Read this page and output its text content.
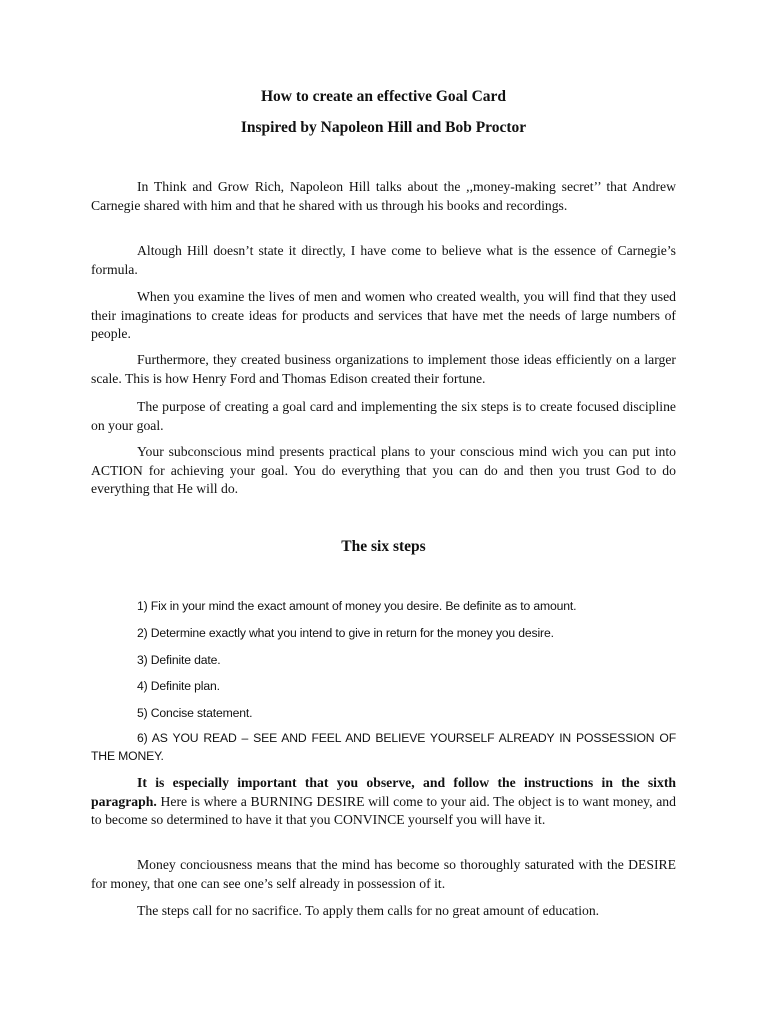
How to create an effective Goal Card
Inspired by Napoleon Hill and Bob Proctor

In Think and Grow Rich, Napoleon Hill talks about the ,,money-making secret’’ that Andrew Carnegie shared with him and that he shared with us through his books and recordings.

Altough Hill doesn’t state it directly, I have come to believe what is the essence of Carnegie’s formula.

When you examine the lives of men and women who created wealth, you will find that they used their imaginations to create ideas for products and services that have met the needs of large numbers of people.

Furthermore, they created business organizations to implement those ideas efficiently on a larger scale. This is how Henry Ford and Thomas Edison created their fortune.

The purpose of creating a goal card and implementing the six steps is to create focused discipline on your goal.

Your subconscious mind presents practical plans to your conscious mind wich you can put into ACTION for achieving your goal. You do everything that you can do and then you trust God to do everything that He will do.

The six steps

1) Fix in your mind the exact amount of money you desire. Be definite as to amount.

2) Determine exactly what you intend to give in return for the money you desire.

3) Definite date.

4) Definite plan.

5) Concise statement.

6) AS YOU READ – SEE AND FEEL AND BELIEVE YOURSELF ALREADY IN POSSESSION OF THE MONEY.

It is especially important that you observe, and follow the instructions in the sixth paragraph. Here is where a BURNING DESIRE will come to your aid. The object is to want money, and to become so determined to have it that you CONVINCE yourself you will have it.

Money conciousness means that the mind has become so thoroughly saturated with the DESIRE for money, that one can see one’s self already in possession of it.

The steps call for no sacrifice. To apply them calls for no great amount of education.
